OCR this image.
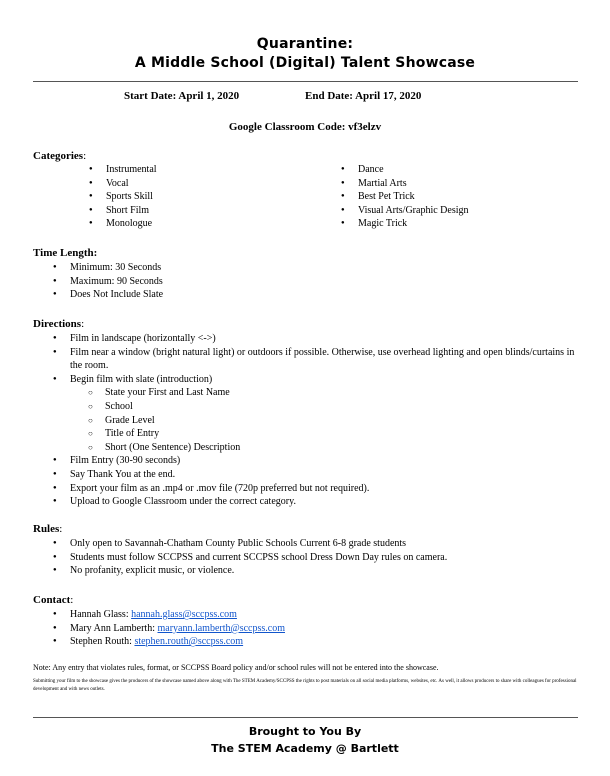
Quarantine:
A Middle School (Digital) Talent Showcase
Start Date: April 1, 2020	End Date: April 17, 2020
Google Classroom Code: vf3elzv
Categories:
● Instrumental
● Vocal
● Sports Skill
● Short Film
● Monologue
● Dance
● Martial Arts
● Best Pet Trick
● Visual Arts/Graphic Design
● Magic Trick
Time Length:
● Minimum: 30 Seconds
● Maximum: 90 Seconds
● Does Not Include Slate
Directions:
● Film in landscape (horizontally <->)
● Film near a window (bright natural light) or outdoors if possible. Otherwise, use overhead lighting and open blinds/curtains in the room.
● Begin film with slate (introduction)
○ State your First and Last Name
○ School
○ Grade Level
○ Title of Entry
○ Short (One Sentence) Description
● Film Entry (30-90 seconds)
● Say Thank You at the end.
● Export your film as an .mp4 or .mov file (720p preferred but not required).
● Upload to Google Classroom under the correct category.
Rules:
● Only open to Savannah-Chatham County Public Schools Current 6-8 grade students
● Students must follow SCCPSS and current SCCPSS school Dress Down Day rules on camera.
● No profanity, explicit music, or violence.
Contact:
● Hannah Glass: hannah.glass@sccpss.com
● Mary Ann Lamberth: maryann.lamberth@sccpss.com
● Stephen Routh: stephen.routh@sccpss.com
Note: Any entry that violates rules, format, or SCCPSS Board policy and/or school rules will not be entered into the showcase.
Submitting your film to the showcase gives the producers of the showcase named above along with The STEM Academy/SCCPSS the rights to post materials on all social media platforms, websites, etc. As well, it allows producers to share with colleagues for professional development and with news outlets.
Brought to You By
The STEM Academy @ Bartlett
